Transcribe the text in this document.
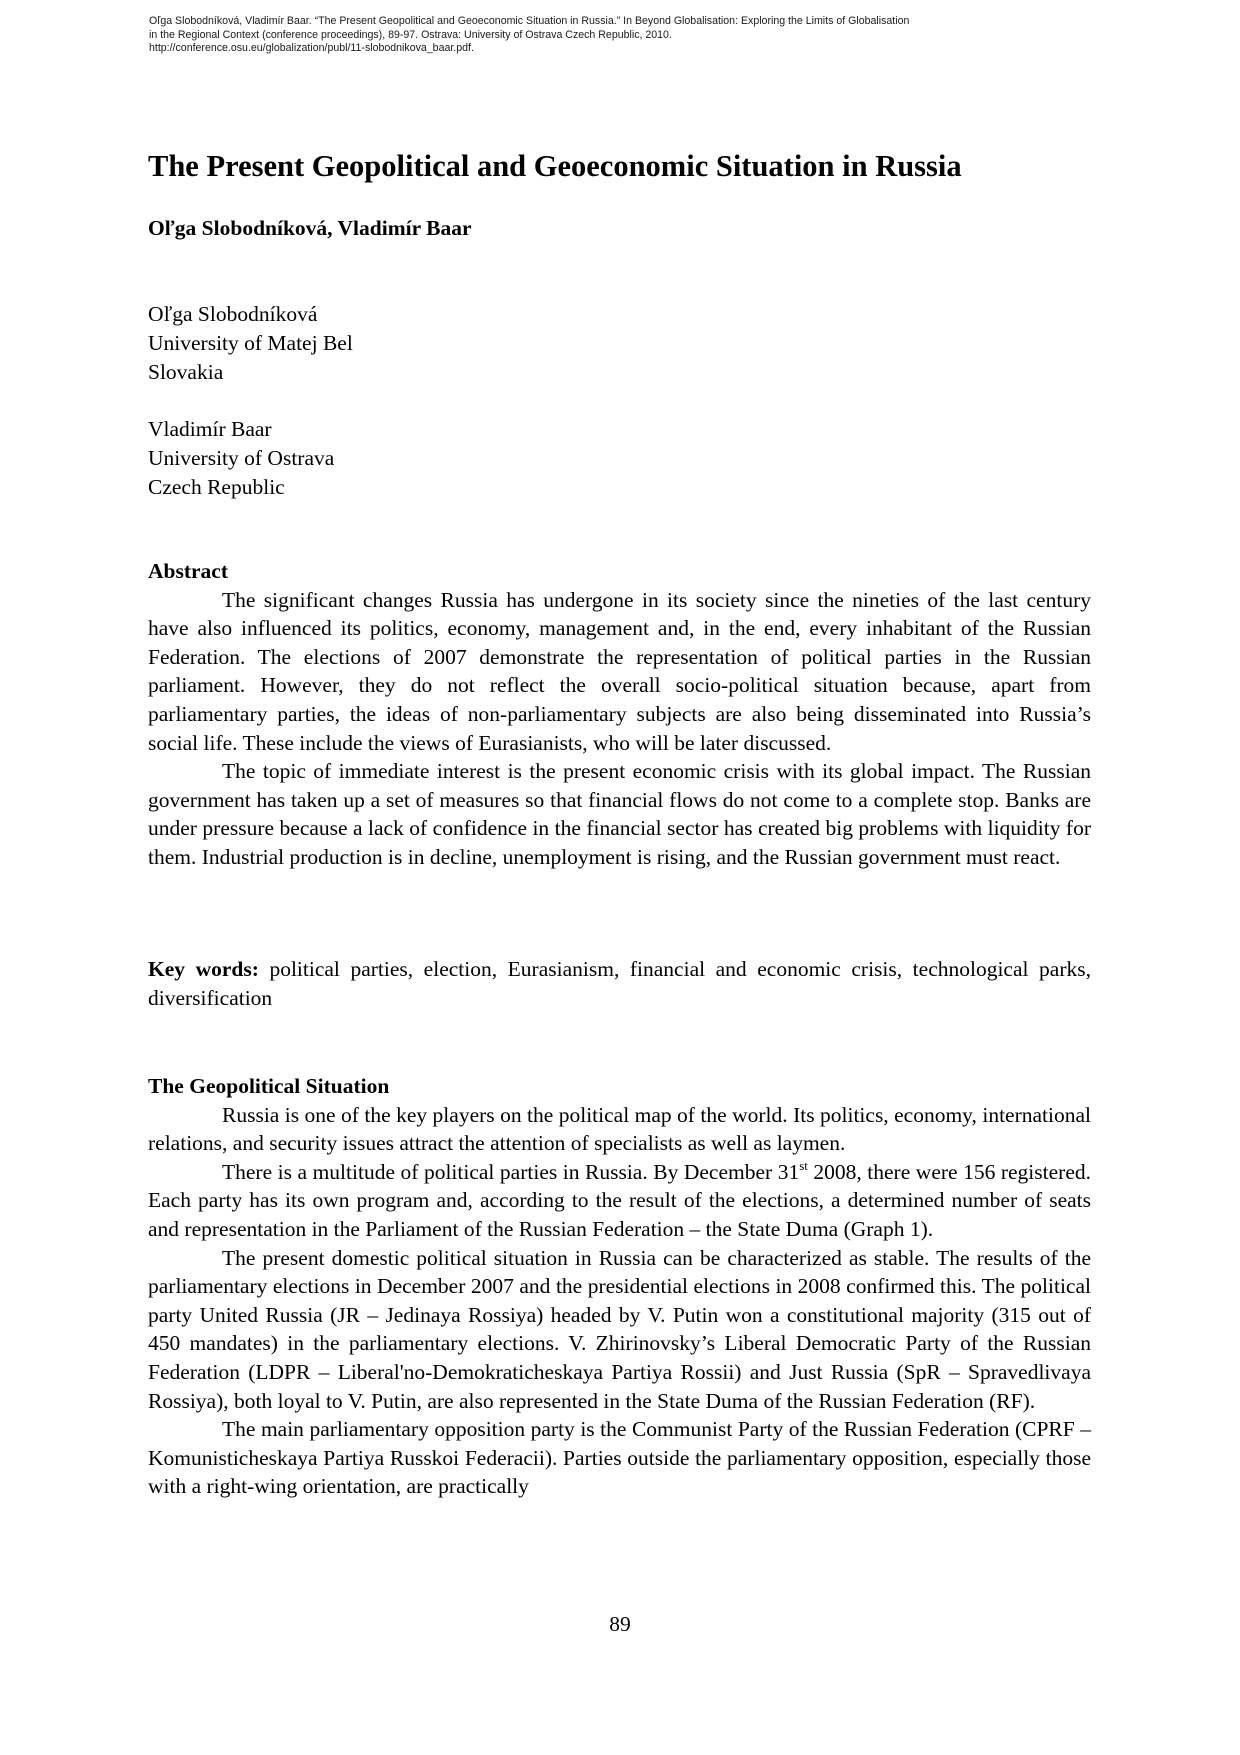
Oľga Slobodníková, Vladimír Baar. “The Present Geopolitical and Geoeconomic Situation in Russia.” In Beyond Globalisation: Exploring the Limits of Globalisation
in the Regional Context (conference proceedings), 89-97. Ostrava: University of Ostrava Czech Republic, 2010.
http://conference.osu.eu/globalization/publ/11-slobodnikova_baar.pdf.
The Present Geopolitical and Geoeconomic Situation in Russia
Oľga Slobodníková, Vladimír Baar
Oľga Slobodníková
University of Matej Bel
Slovakia
Vladimír Baar
University of Ostrava
Czech Republic
Abstract

The significant changes Russia has undergone in its society since the nineties of the last century have also influenced its politics, economy, management and, in the end, every inhabitant of the Russian Federation. The elections of 2007 demonstrate the representation of political parties in the Russian parliament. However, they do not reflect the overall socio-political situation because, apart from parliamentary parties, the ideas of non-parliamentary subjects are also being disseminated into Russia’s social life. These include the views of Eurasianists, who will be later discussed.

The topic of immediate interest is the present economic crisis with its global impact. The Russian government has taken up a set of measures so that financial flows do not come to a complete stop. Banks are under pressure because a lack of confidence in the financial sector has created big problems with liquidity for them. Industrial production is in decline, unemployment is rising, and the Russian government must react.

Key words: political parties, election, Eurasianism, financial and economic crisis, technological parks, diversification

The Geopolitical Situation

Russia is one of the key players on the political map of the world. Its politics, economy, international relations, and security issues attract the attention of specialists as well as laymen.

There is a multitude of political parties in Russia. By December 31st 2008, there were 156 registered. Each party has its own program and, according to the result of the elections, a determined number of seats and representation in the Parliament of the Russian Federation – the State Duma (Graph 1).

The present domestic political situation in Russia can be characterized as stable. The results of the parliamentary elections in December 2007 and the presidential elections in 2008 confirmed this. The political party United Russia (JR – Jedinaya Rossiya) headed by V. Putin won a constitutional majority (315 out of 450 mandates) in the parliamentary elections. V. Zhirinovsky’s Liberal Democratic Party of the Russian Federation (LDPR – Liberal'no-Demokraticheskaya Partiya Rossii) and Just Russia (SpR – Spravedlivaya Rossiya), both loyal to V. Putin, are also represented in the State Duma of the Russian Federation (RF).

The main parliamentary opposition party is the Communist Party of the Russian Federation (CPRF – Komunisticheskaya Partiya Russkoi Federacii). Parties outside the parliamentary opposition, especially those with a right-wing orientation, are practically

89
